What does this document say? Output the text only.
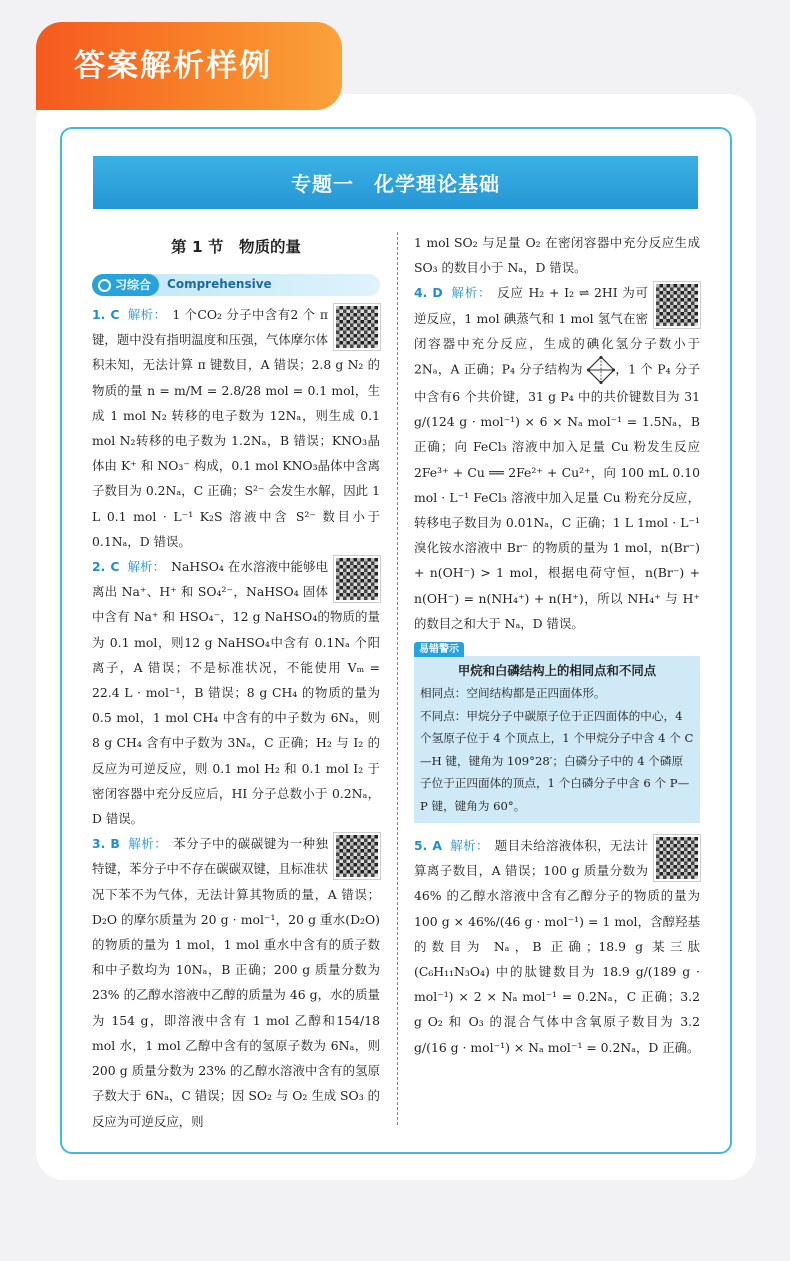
答案解析样例
专题一 化学理论基础
第 1 节　物质的量
习综合 Comprehensive
1. C 解析： 1 个CO₂ 分子中含有2 个 π 键，题中没有指明温度和压强，气体摩尔体积未知，无法计算 π 键数目，A 错误；2.8 g N₂ 的物质的量 n = m/M = 2.8/28 mol = 0.1 mol，生成 1 mol N₂ 转移的电子数为 12Nₐ，则生成 0.1 mol N₂转移的电子数为 1.2Nₐ，B 错误；KNO₃晶体由 K⁺ 和 NO₃⁻ 构成，0.1 mol KNO₃晶体中含离子数目为 0.2Nₐ，C 正确；S²⁻ 会发生水解，因此 1 L 0.1 mol · L⁻¹ K₂S 溶液中含 S²⁻ 数目小于 0.1Nₐ，D 错误。
2. C 解析： NaHSO₄ 在水溶液中能够电离出 Na⁺、H⁺ 和 SO₄²⁻，NaHSO₄ 固体中含有 Na⁺ 和 HSO₄⁻，12 g NaHSO₄的物质的量为 0.1 mol，则12 g NaHSO₄中含有 0.1Nₐ 个阳离子，A 错误；不是标准状况，不能使用 Vₘ = 22.4 L · mol⁻¹，B 错误；8 g CH₄ 的物质的量为 0.5 mol，1 mol CH₄ 中含有的中子数为 6Nₐ，则 8 g CH₄ 含有中子数为 3Nₐ，C 正确；H₂ 与 I₂ 的反应为可逆反应，则 0.1 mol H₂ 和 0.1 mol I₂ 于密闭容器中充分反应后，HI 分子总数小于 0.2Nₐ，D 错误。
3. B 解析： 苯分子中的碳碳键为一种独特键，苯分子中不存在碳碳双键，且标准状况下苯不为气体，无法计算其物质的量，A 错误；D₂O 的摩尔质量为 20 g · mol⁻¹，20 g 重水(D₂O) 的物质的量为 1 mol，1 mol 重水中含有的质子数和中子数均为 10Nₐ，B 正确；200 g 质量分数为 23% 的乙醇水溶液中乙醇的质量为 46 g，水的质量为 154 g，即溶液中含有 1 mol 乙醇和154/18 mol 水，1 mol 乙醇中含有的氢原子数为 6Nₐ，则 200 g 质量分数为 23% 的乙醇水溶液中含有的氢原子数大于 6Nₐ，C 错误；因 SO₂ 与 O₂ 生成 SO₃ 的反应为可逆反应，则
1 mol SO₂ 与足量 O₂ 在密闭容器中充分反应生成 SO₃ 的数目小于 Nₐ，D 错误。
4. D 解析： 反应 H₂ + I₂ ⇌ 2HI 为可逆反应，1 mol 碘蒸气和 1 mol 氢气在密闭容器中充分反应，生成的碘化氢分子数小于 2Nₐ，A 正确；P₄ 分子结构为	，1 个 P₄ 分子中含有6 个共价键，31 g P₄ 中的共价键数目为 31 g/(124 g · mol⁻¹) × 6 × Nₐ mol⁻¹ = 1.5Nₐ，B 正确；向 FeCl₃ 溶液中加入足量 Cu 粉发生反应 2Fe³⁺ + Cu ══ 2Fe²⁺ + Cu²⁺，向 100 mL 0.10 mol · L⁻¹ FeCl₃ 溶液中加入足量 Cu 粉充分反应，转移电子数目为 0.01Nₐ，C 正确；1 L 1mol · L⁻¹ 溴化铵水溶液中 Br⁻ 的物质的量为 1 mol，n(Br⁻) + n(OH⁻) > 1 mol，根据电荷守恒，n(Br⁻) + n(OH⁻) = n(NH₄⁺) + n(H⁺)，所以 NH₄⁺ 与 H⁺ 的数目之和大于 Nₐ，D 错误。
易错警示
甲烷和白磷结构上的相同点和不同点
相同点：空间结构都是正四面体形。
不同点：甲烷分子中碳原子位于正四面体的中心，4 个氢原子位于 4 个顶点上，1 个甲烷分子中含 4 个 C—H 键，键角为 109°28′；白磷分子中的 4 个磷原子位于正四面体的顶点，1 个白磷分子中含 6 个 P—P 键，键角为 60°。
5. A 解析： 题目未给溶液体积，无法计算离子数目，A 错误；100 g 质量分数为 46% 的乙醇水溶液中含有乙醇分子的物质的量为 100 g × 46%/(46 g · mol⁻¹) = 1 mol，含醇羟基的数目为 Nₐ，B 正确；18.9 g 某三肽(C₆H₁₁N₃O₄) 中的肽键数目为 18.9 g/(189 g · mol⁻¹) × 2 × Nₐ mol⁻¹ = 0.2Nₐ，C 正确；3.2 g O₂ 和 O₃ 的混合气体中含氧原子数目为 3.2 g/(16 g · mol⁻¹) × Nₐ mol⁻¹ = 0.2Nₐ，D 正确。
